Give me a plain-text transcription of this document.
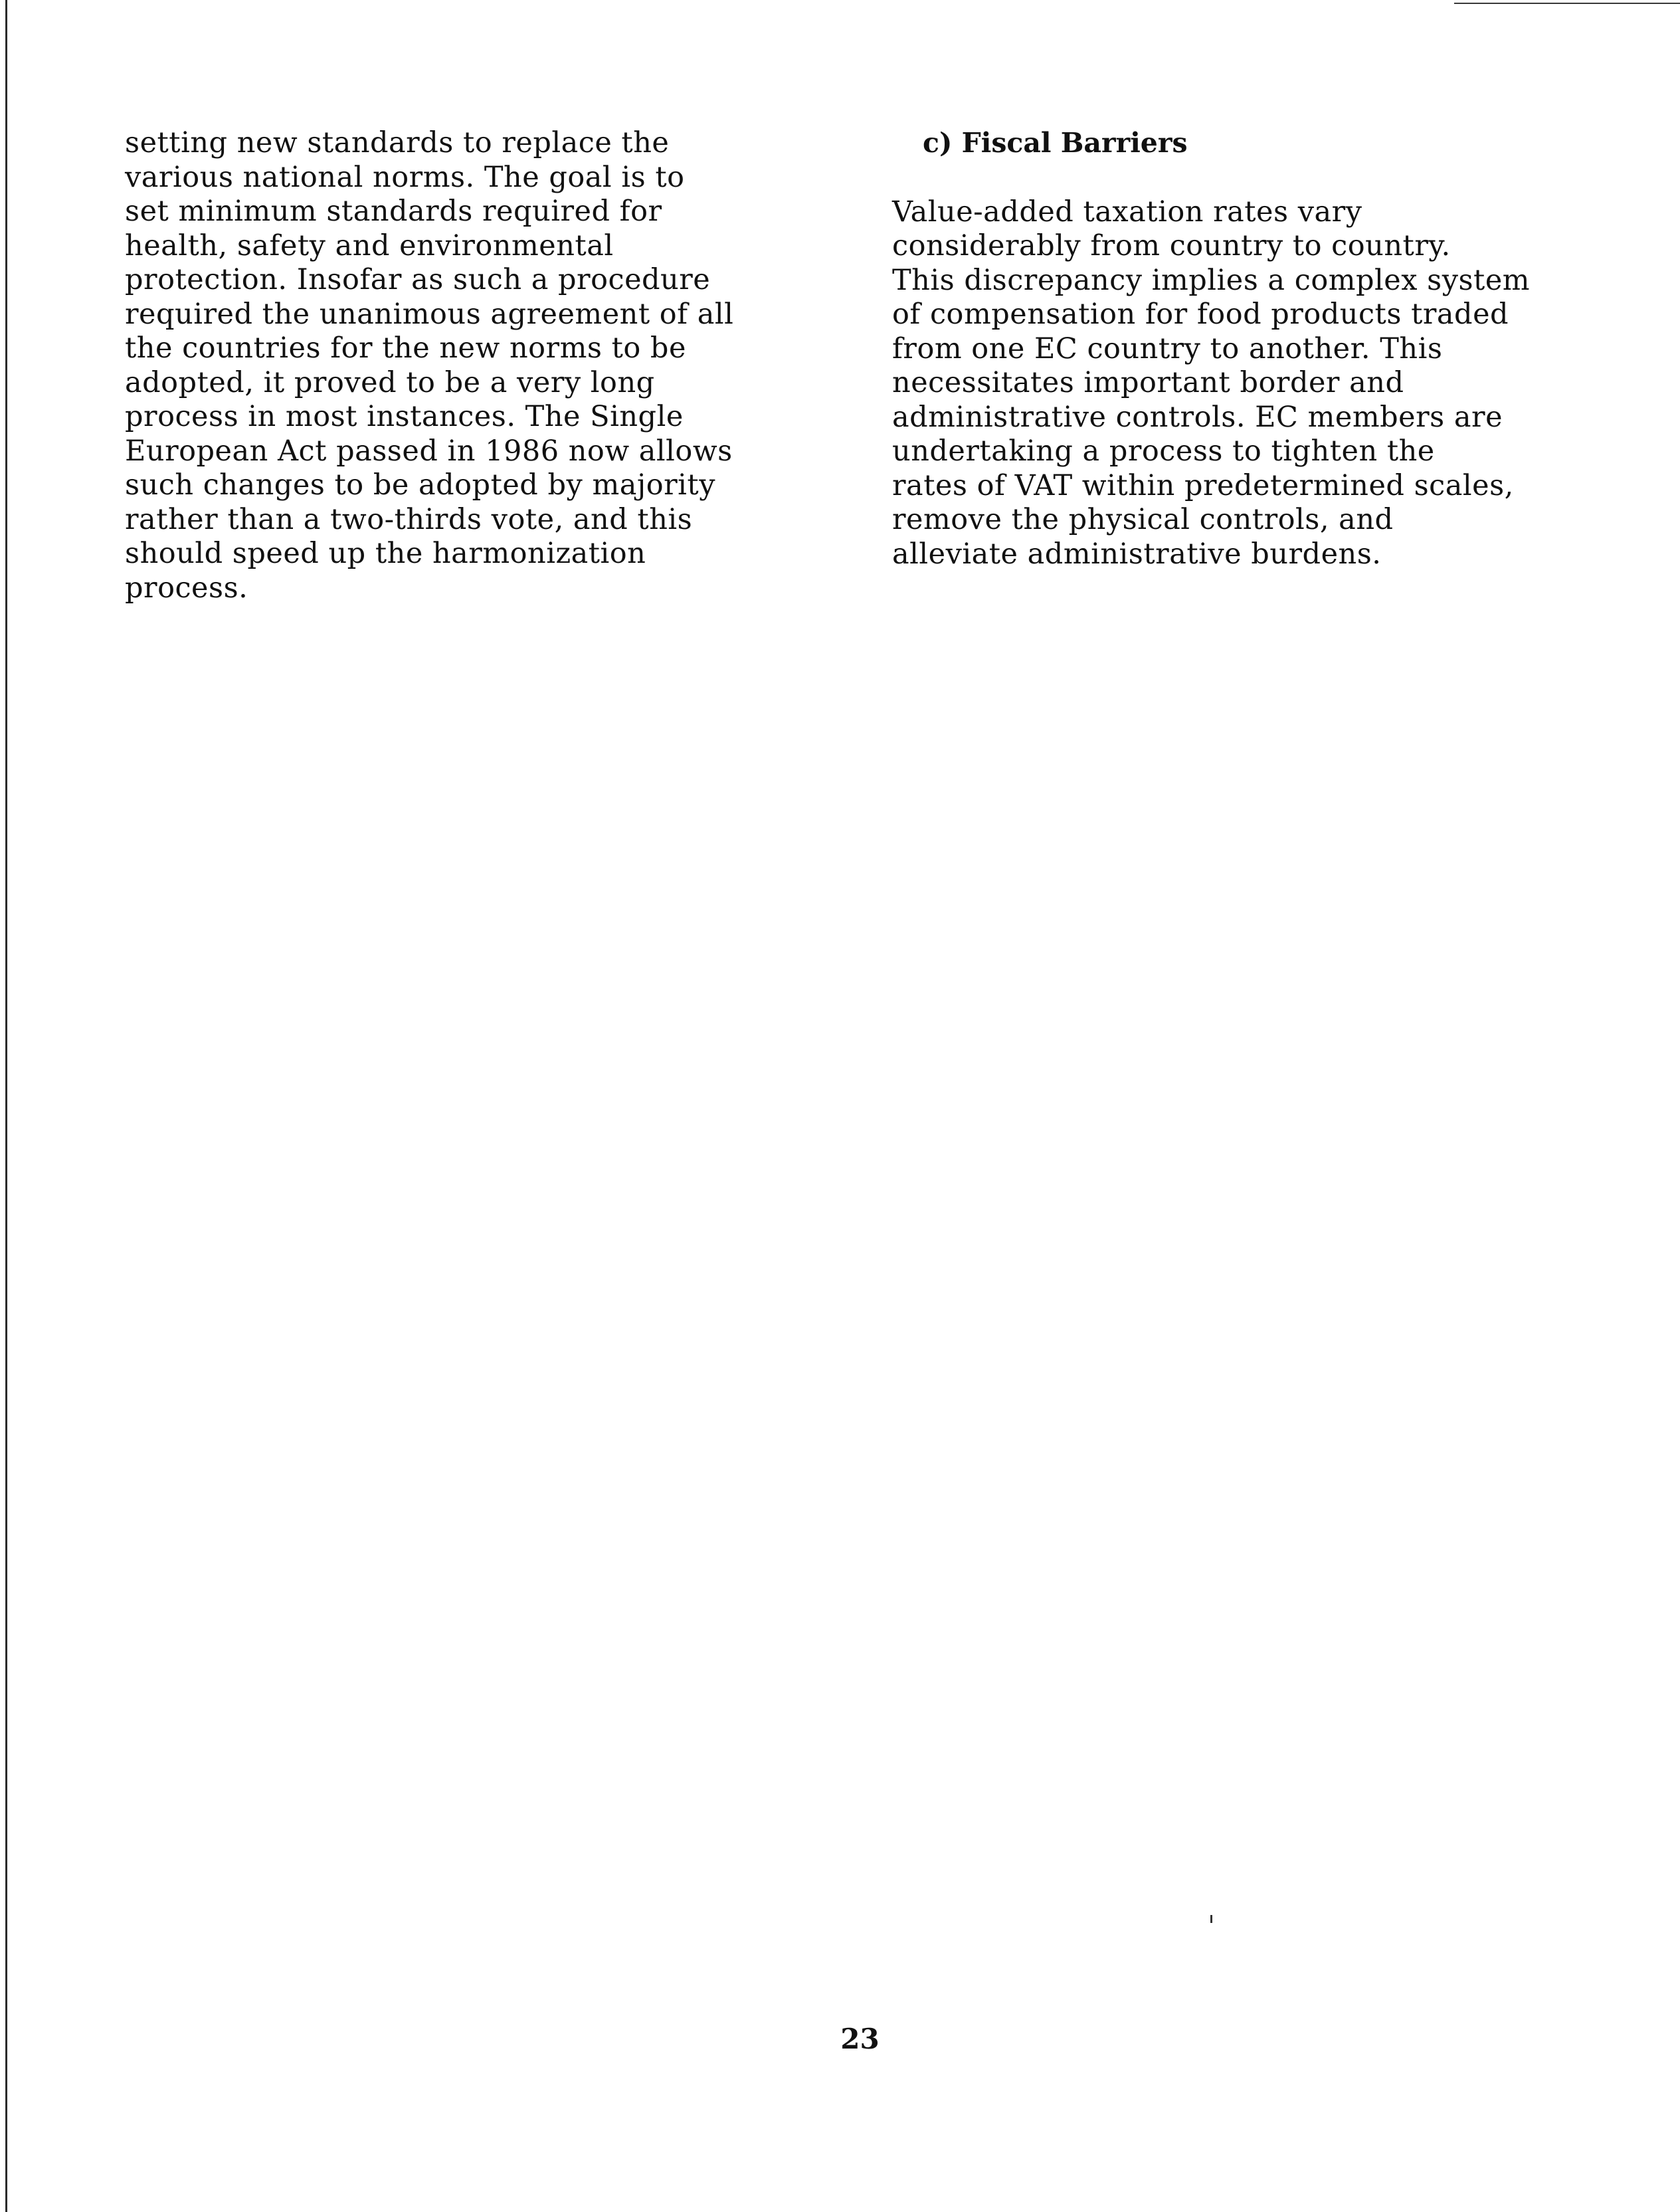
setting new standards to replace the
various national norms. The goal is to
set minimum standards required for
health, safety and environmental
protection. Insofar as such a procedure
required the unanimous agreement of all
the countries for the new norms to be
adopted, it proved to be a very long
process in most instances. The Single
European Act passed in 1986 now allows
such changes to be adopted by majority
rather than a two-thirds vote, and this
should speed up the harmonization
process.
c) Fiscal Barriers
Value-added taxation rates vary
considerably from country to country.
This discrepancy implies a complex system
of compensation for food products traded
from one EC country to another. This
necessitates important border and
administrative controls. EC members are
undertaking a process to tighten the
rates of VAT within predetermined scales,
remove the physical controls, and
alleviate administrative burdens.
23
